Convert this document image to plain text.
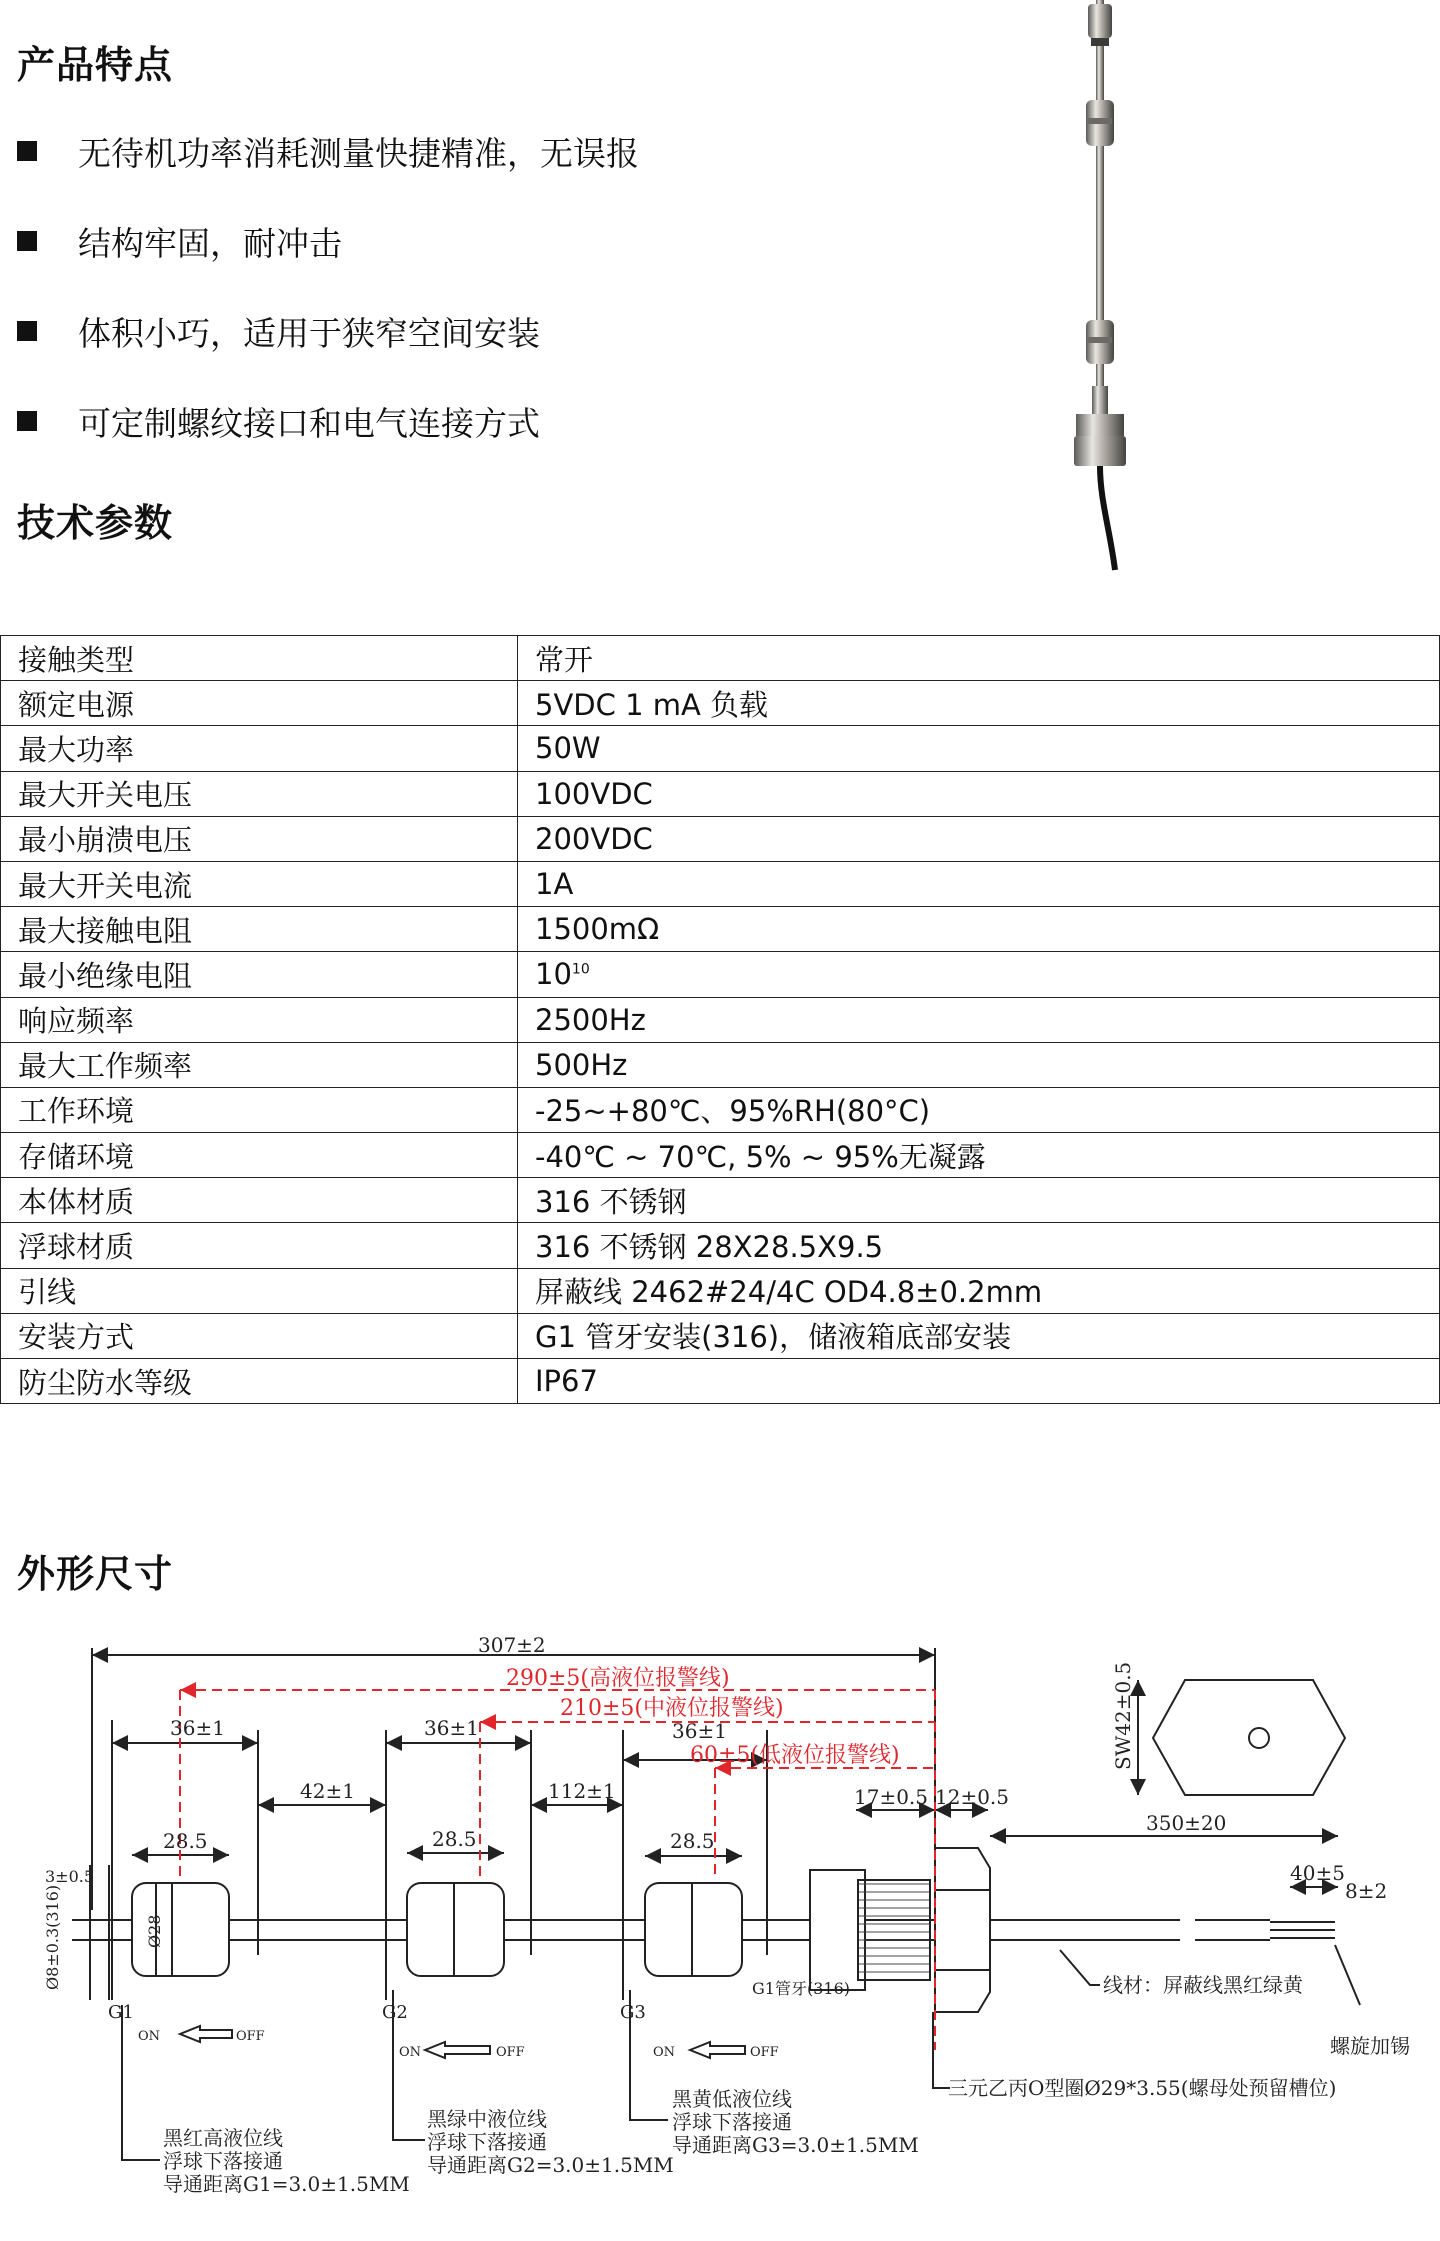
产品特点
无待机功率消耗测量快捷精准，无误报
结构牢固，耐冲击
体积小巧，适用于狭窄空间安装
可定制螺纹接口和电气连接方式
技术参数
接触类型	常开
额定电源	5VDC 1 mA 负载
最大功率	50W
最大开关电压	100VDC
最小崩溃电压	200VDC
最大开关电流	1A
最大接触电阻	1500mΩ
最小绝缘电阻	$10^{10}$
响应频率	2500Hz
最大工作频率	500Hz
工作环境	-25~+80℃、95%RH(80°C)
存储环境	-40℃ ~ 70℃, 5% ~ 95%无凝露
本体材质	316 不锈钢
浮球材质	316 不锈钢 28X28.5X9.5
引线	屏蔽线 2462#24/4C OD4.8±0.2mm
安装方式	G1 管牙安装(316)，储液箱底部安装
防尘防水等级	IP67
外形尺寸
307±2
290±5(高液位报警线)
210±5(中液位报警线)
60±5(低液位报警线)
36±1	36±1	36±1
42±1	112±1
28.5	28.5	28.5
Ø28
3±0.5
Ø8±0.3(316)
17±0.5 12±0.5
350±20
40±5
8±2
SW42±0.5
G1	G2	G3
ON	OFF
ON	OFF	ON	OFF
G1管牙(316)	线材：屏蔽线黑红绿黄
螺旋加锡
三元乙丙O型圈Ø29*3.55(螺母处预留槽位)
黑红高液位线
浮球下落接通
导通距离G1=3.0±1.5MM
黑绿中液位线
浮球下落接通
导通距离G2=3.0±1.5MM
黑黄低液位线
浮球下落接通
导通距离G3=3.0±1.5MM
